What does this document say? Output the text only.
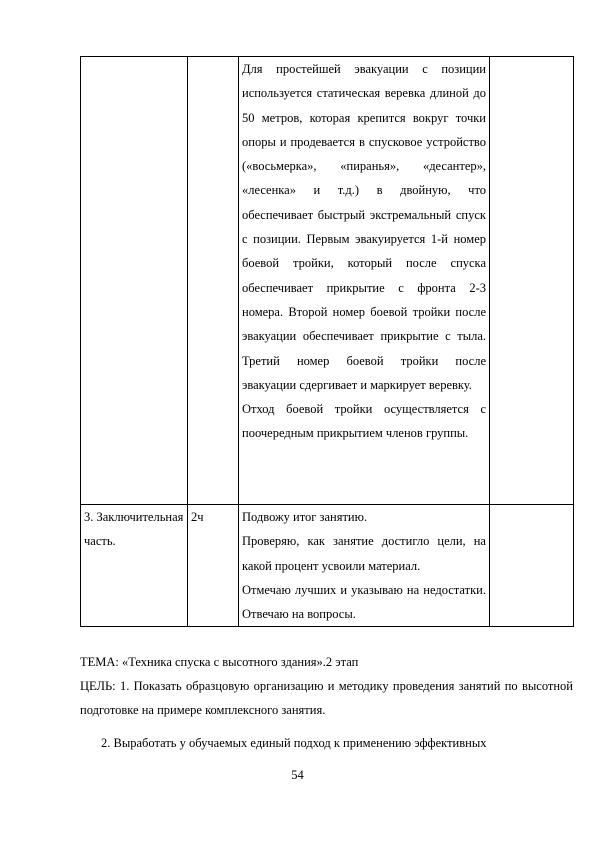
		Для простейшей эвакуации с позиции используется статическая веревка длиной до 50 метров, которая крепится вокруг точки опоры и продевается в спусковое устройство («восьмерка», «пиранья», «десантер», «лесенка» и т.д.) в двойную, что обеспечивает быстрый экстремальный спуск с позиции. Первым эвакуируется 1-й номер боевой тройки, который после спуска обеспечивает прикрытие с фронта 2-3 номера. Второй номер боевой тройки после эвакуации обеспечивает прикрытие с тыла. Третий номер боевой тройки после эвакуации сдергивает и маркирует веревку.

Отход боевой тройки осуществляется с поочередным прикрытием членов группы.	

3. Заключительная часть.	2ч	Подвожу итог занятию.

Проверяю, как занятие достигло цели, на какой процент усвоили материал.

Отмечаю лучших и указываю на недостатки. Отвечаю на вопросы.	

ТЕМА: «Техника спуска с высотного здания».2 этап
ЦЕЛЬ: 1. Показать образцовую организацию и методику проведения занятий по высотной подготовке на примере комплексного занятия.
2. Выработать у обучаемых единый подход к применению эффективных
54
